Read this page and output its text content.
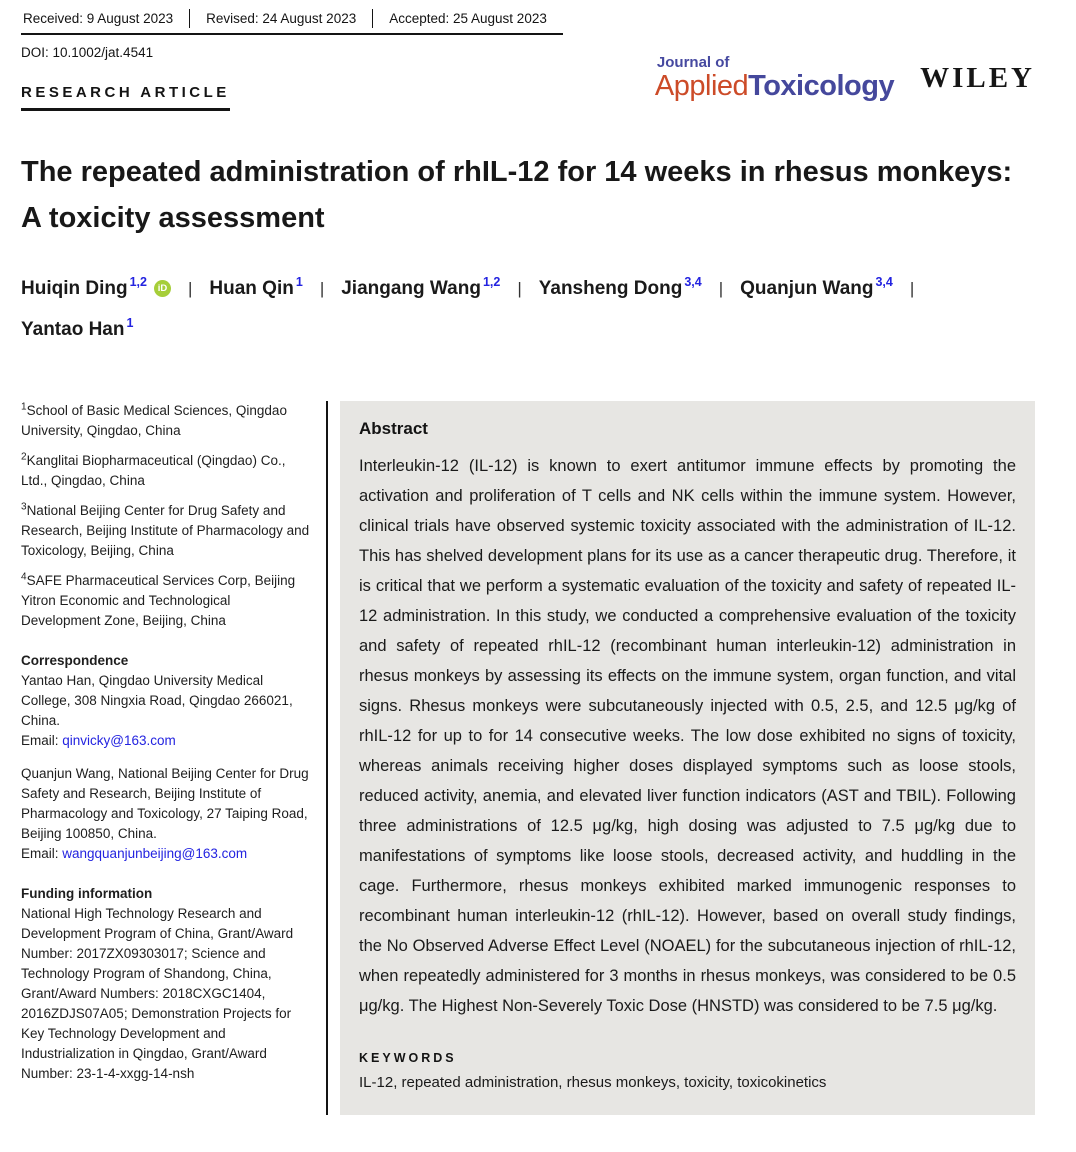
Received: 9 August 2023	Revised: 24 August 2023	Accepted: 25 August 2023
DOI: 10.1002/jat.4541
Journal of
AppliedToxicology WILEY
RESEARCH ARTICLE
The repeated administration of rhIL-12 for 14 weeks in rhesus monkeys: A toxicity assessment
Huiqin Ding $^{1,2}$ iD | Huan Qin $^1$ | Jiangang Wang $^{1,2}$ | Yansheng Dong $^{3,4}$ | Quanjun Wang $^{3,4}$ |Yantao Han $^1$

$^1$School of Basic Medical Sciences, Qingdao University, Qingdao, China

$^2$Kanglitai Biopharmaceutical (Qingdao) Co., Ltd., Qingdao, China

$^3$National Beijing Center for Drug Safety and Research, Beijing Institute of Pharmacology and Toxicology, Beijing, China

$^4$SAFE Pharmaceutical Services Corp, Beijing Yitron Economic and Technological Development Zone, Beijing, China

Correspondence

Yantao Han, Qingdao University Medical College, 308 Ningxia Road, Qingdao 266021, China.
Email: qinvicky@163.com

Quanjun Wang, National Beijing Center for Drug Safety and Research, Beijing Institute of Pharmacology and Toxicology, 27 Taiping Road, Beijing 100850, China.
Email: wangquanjunbeijing@163.com

Funding information

National High Technology Research and Development Program of China, Grant/Award Number: 2017ZX09303017; Science and Technology Program of Shandong, China, Grant/Award Numbers: 2018CXGC1404, 2016ZDJS07A05; Demonstration Projects for Key Technology Development and Industrialization in Qingdao, Grant/Award Number: 23-1-4-xxgg-14-nsh

Abstract

Interleukin-12 (IL-12) is known to exert antitumor immune effects by promoting the activation and proliferation of T cells and NK cells within the immune system. However, clinical trials have observed systemic toxicity associated with the administration of IL-12. This has shelved development plans for its use as a cancer therapeutic drug. Therefore, it is critical that we perform a systematic evaluation of the toxicity and safety of repeated IL-12 administration. In this study, we conducted a comprehensive evaluation of the toxicity and safety of repeated rhIL-12 (recombinant human interleukin-12) administration in rhesus monkeys by assessing its effects on the immune system, organ function, and vital signs. Rhesus monkeys were subcutaneously injected with 0.5, 2.5, and 12.5 μg/kg of rhIL-12 for up to for 14 consecutive weeks. The low dose exhibited no signs of toxicity, whereas animals receiving higher doses displayed symptoms such as loose stools, reduced activity, anemia, and elevated liver function indicators (AST and TBIL). Following three administrations of 12.5 μg/kg, high dosing was adjusted to 7.5 μg/kg due to manifestations of symptoms like loose stools, decreased activity, and huddling in the cage. Furthermore, rhesus monkeys exhibited marked immunogenic responses to recombinant human interleukin-12 (rhIL-12). However, based on overall study findings, the No Observed Adverse Effect Level (NOAEL) for the subcutaneous injection of rhIL-12, when repeatedly administered for 3 months in rhesus monkeys, was considered to be 0.5 μg/kg. The Highest Non-Severely Toxic Dose (HNSTD) was considered to be 7.5 μg/kg.

KEYWORDS
IL-12, repeated administration, rhesus monkeys, toxicity, toxicokinetics
